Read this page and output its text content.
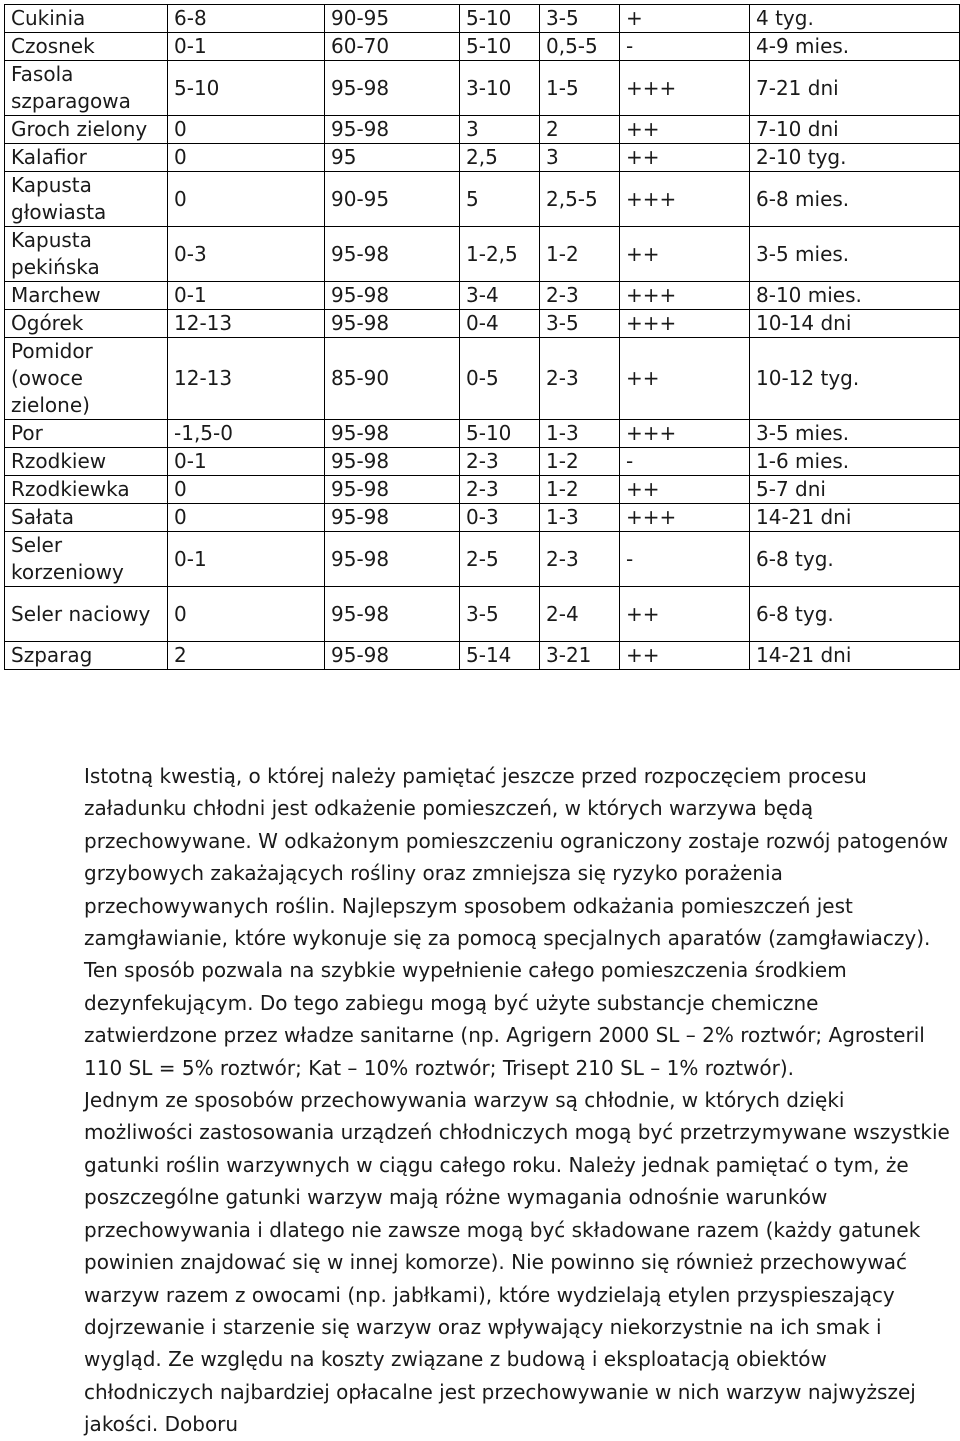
Cukinia	6-8	90-95	5-10	3-5	+	4 tyg.
Czosnek	0-1	60-70	5-10	0,5-5	-	4-9 mies.
Fasola szparagowa	5-10	95-98	3-10	1-5	+++	7-21 dni
Groch zielony	0	95-98	3	2	++	7-10 dni
Kalafior	0	95	2,5	3	++	2-10 tyg.
Kapusta głowiasta	0	90-95	5	2,5-5	+++	6-8 mies.
Kapusta pekińska	0-3	95-98	1-2,5	1-2	++	3-5 mies.
Marchew	0-1	95-98	3-4	2-3	+++	8-10 mies.
Ogórek	12-13	95-98	0-4	3-5	+++	10-14 dni
Pomidor (owoce zielone)	12-13	85-90	0-5	2-3	++	10-12 tyg.
Por	-1,5-0	95-98	5-10	1-3	+++	3-5 mies.
Rzodkiew	0-1	95-98	2-3	1-2	-	1-6 mies.
Rzodkiewka	0	95-98	2-3	1-2	++	5-7 dni
Sałata	0	95-98	0-3	1-3	+++	14-21 dni
Seler korzeniowy	0-1	95-98	2-5	2-3	-	6-8 tyg.
Seler naciowy	0	95-98	3-5	2-4	++	6-8 tyg.
Szparag	2	95-98	5-14	3-21	++	14-21 dni

Istotną kwestią, o której należy pamiętać jeszcze przed rozpoczęciem procesu załadunku chłodni jest odkażenie pomieszczeń, w których warzywa będą przechowywane. W odkażonym pomieszczeniu ograniczony zostaje rozwój patogenów grzybowych zakażających rośliny oraz zmniejsza się ryzyko porażenia przechowywanych roślin. Najlepszym sposobem odkażania pomieszczeń jest zamgławianie, które wykonuje się za pomocą specjalnych aparatów (zamgławiaczy). Ten sposób pozwala na szybkie wypełnienie całego pomieszczenia środkiem dezynfekującym. Do tego zabiegu mogą być użyte substancje chemiczne zatwierdzone przez władze sanitarne (np. Agrigern 2000 SL – 2% roztwór; Agrosteril 110 SL = 5% roztwór; Kat – 10% roztwór; Trisept 210 SL – 1% roztwór).

Jednym ze sposobów przechowywania warzyw są chłodnie, w których dzięki możliwości zastosowania urządzeń chłodniczych mogą być przetrzymywane wszystkie gatunki roślin warzywnych w ciągu całego roku. Należy jednak pamiętać o tym, że poszczególne gatunki warzyw mają różne wymagania odnośnie warunków przechowywania i dlatego nie zawsze mogą być składowane razem (każdy gatunek powinien znajdować się w innej komorze). Nie powinno się również przechowywać warzyw razem z owocami (np. jabłkami), które wydzielają etylen przyspieszający dojrzewanie i starzenie się warzyw oraz wpływający niekorzystnie na ich smak i wygląd. Ze względu na koszty związane z budową i eksploatacją obiektów chłodniczych najbardziej opłacalne jest przechowywanie w nich warzyw najwyższej jakości. Doboru
